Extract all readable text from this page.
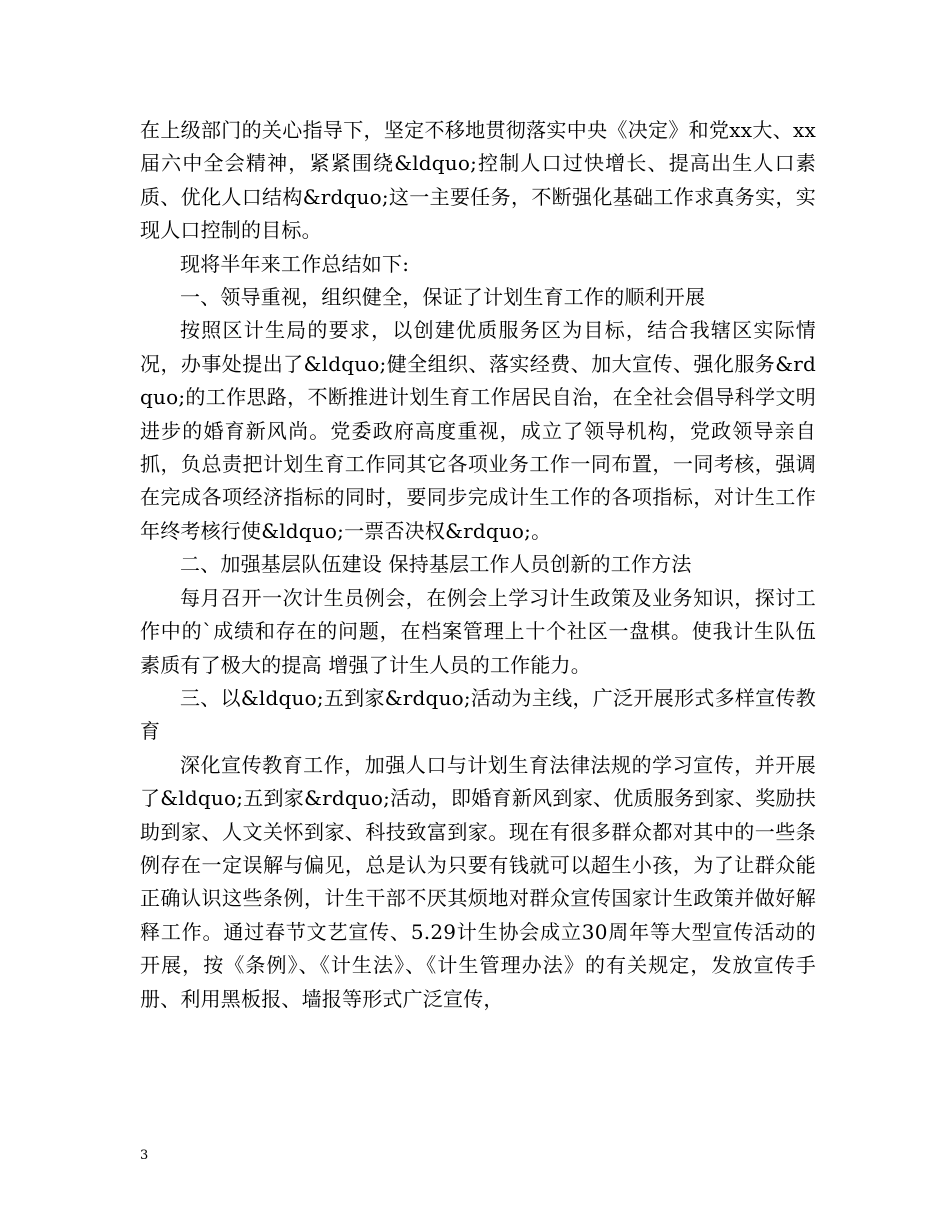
在上级部门的关心指导下，坚定不移地贯彻落实中央《决定》和党xx大、xx届六中全会精神，紧紧围绕&ldquo;控制人口过快增长、提高出生人口素质、优化人口结构&rdquo;这一主要任务，不断强化基础工作求真务实，实现人口控制的目标。

现将半年来工作总结如下:

一、领导重视，组织健全，保证了计划生育工作的顺利开展

按照区计生局的要求，以创建优质服务区为目标，结合我辖区实际情况，办事处提出了&ldquo;健全组织、落实经费、加大宣传、强化服务&rdquo;的工作思路，不断推进计划生育工作居民自治，在全社会倡导科学文明进步的婚育新风尚。党委政府高度重视，成立了领导机构，党政领导亲自抓，负总责把计划生育工作同其它各项业务工作一同布置，一同考核，强调在完成各项经济指标的同时，要同步完成计生工作的各项指标，对计生工作年终考核行使&ldquo;一票否决权&rdquo;。

二、加强基层队伍建设 保持基层工作人员创新的工作方法

每月召开一次计生员例会，在例会上学习计生政策及业务知识，探讨工作中的`成绩和存在的问题，在档案管理上十个社区一盘棋。使我计生队伍素质有了极大的提高 增强了计生人员的工作能力。

三、以&ldquo;五到家&rdquo;活动为主线，广泛开展形式多样宣传教育

深化宣传教育工作，加强人口与计划生育法律法规的学习宣传，并开展了&ldquo;五到家&rdquo;活动，即婚育新风到家、优质服务到家、奖励扶助到家、人文关怀到家、科技致富到家。现在有很多群众都对其中的一些条例存在一定误解与偏见，总是认为只要有钱就可以超生小孩，为了让群众能正确认识这些条例，计生干部不厌其烦地对群众宣传国家计生政策并做好解释工作。通过春节文艺宣传、5.29计生协会成立30周年等大型宣传活动的开展，按《条例》、《计生法》、《计生管理办法》的有关规定，发放宣传手册、利用黑板报、墙报等形式广泛宣传，

3
